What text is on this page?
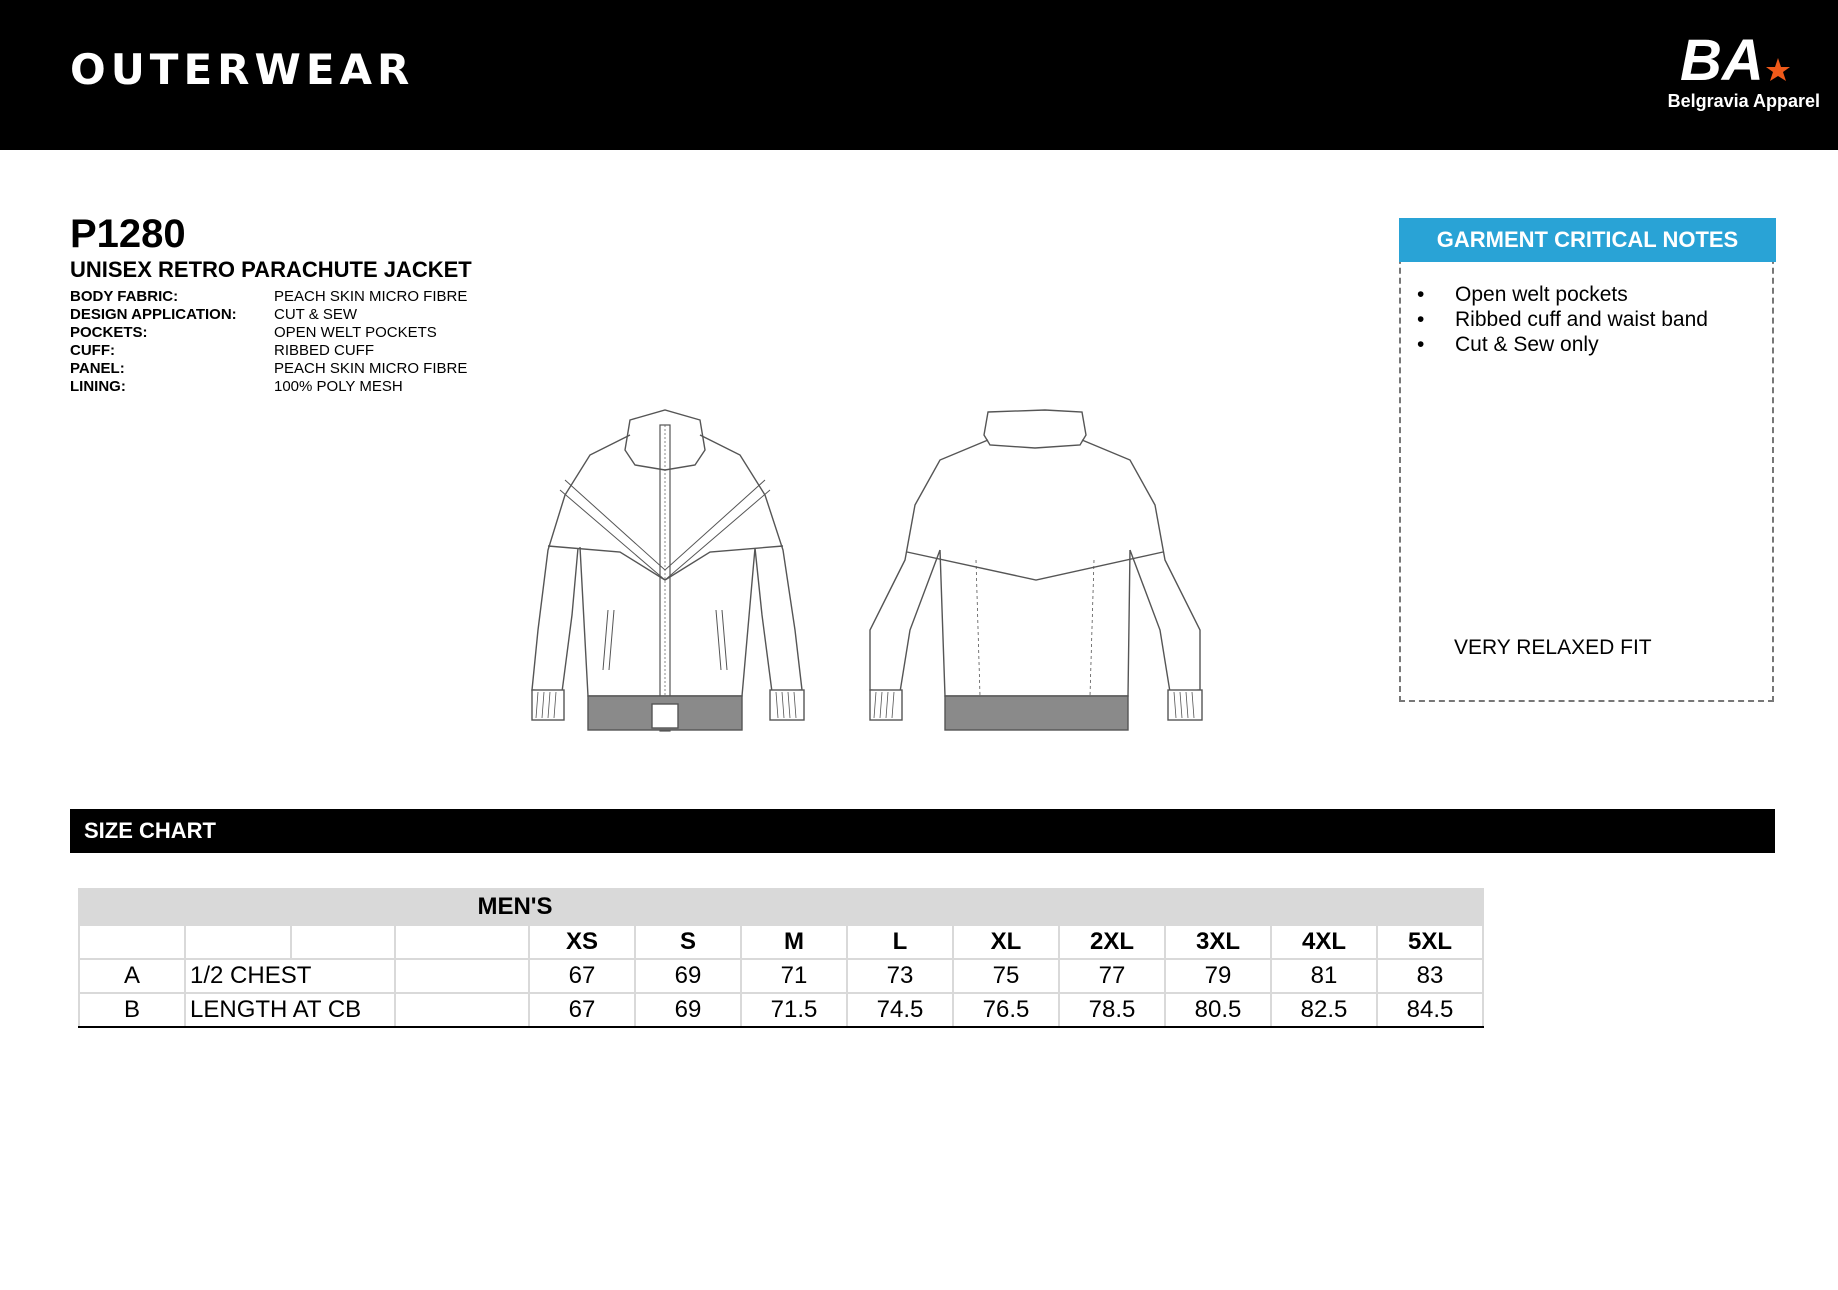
OUTERWEAR	BA
Belgravia Apparel
P1280
UNISEX RETRO PARACHUTE JACKET
BODY FABRIC:	PEACH SKIN MICRO FIBRE
DESIGN APPLICATION:	CUT & SEW
POCKETS:	OPEN WELT POCKETS
CUFF:	RIBBED CUFF
PANEL:	PEACH SKIN MICRO FIBRE
LINING:	100% POLY MESH
GARMENT CRITICAL NOTES
•	Open welt pockets
•	Ribbed cuff and waist band
•	Cut & Sew only
VERY RELAXED FIT
SIZE CHART
			MEN'S									
				XS	S	M	L	XL	2XL	3XL	4XL	5XL
A	1/2 CHEST			67	69	71	73	75	77	79	81	83
B	LENGTH AT CB			67	69	71.5	74.5	76.5	78.5	80.5	82.5	84.5
